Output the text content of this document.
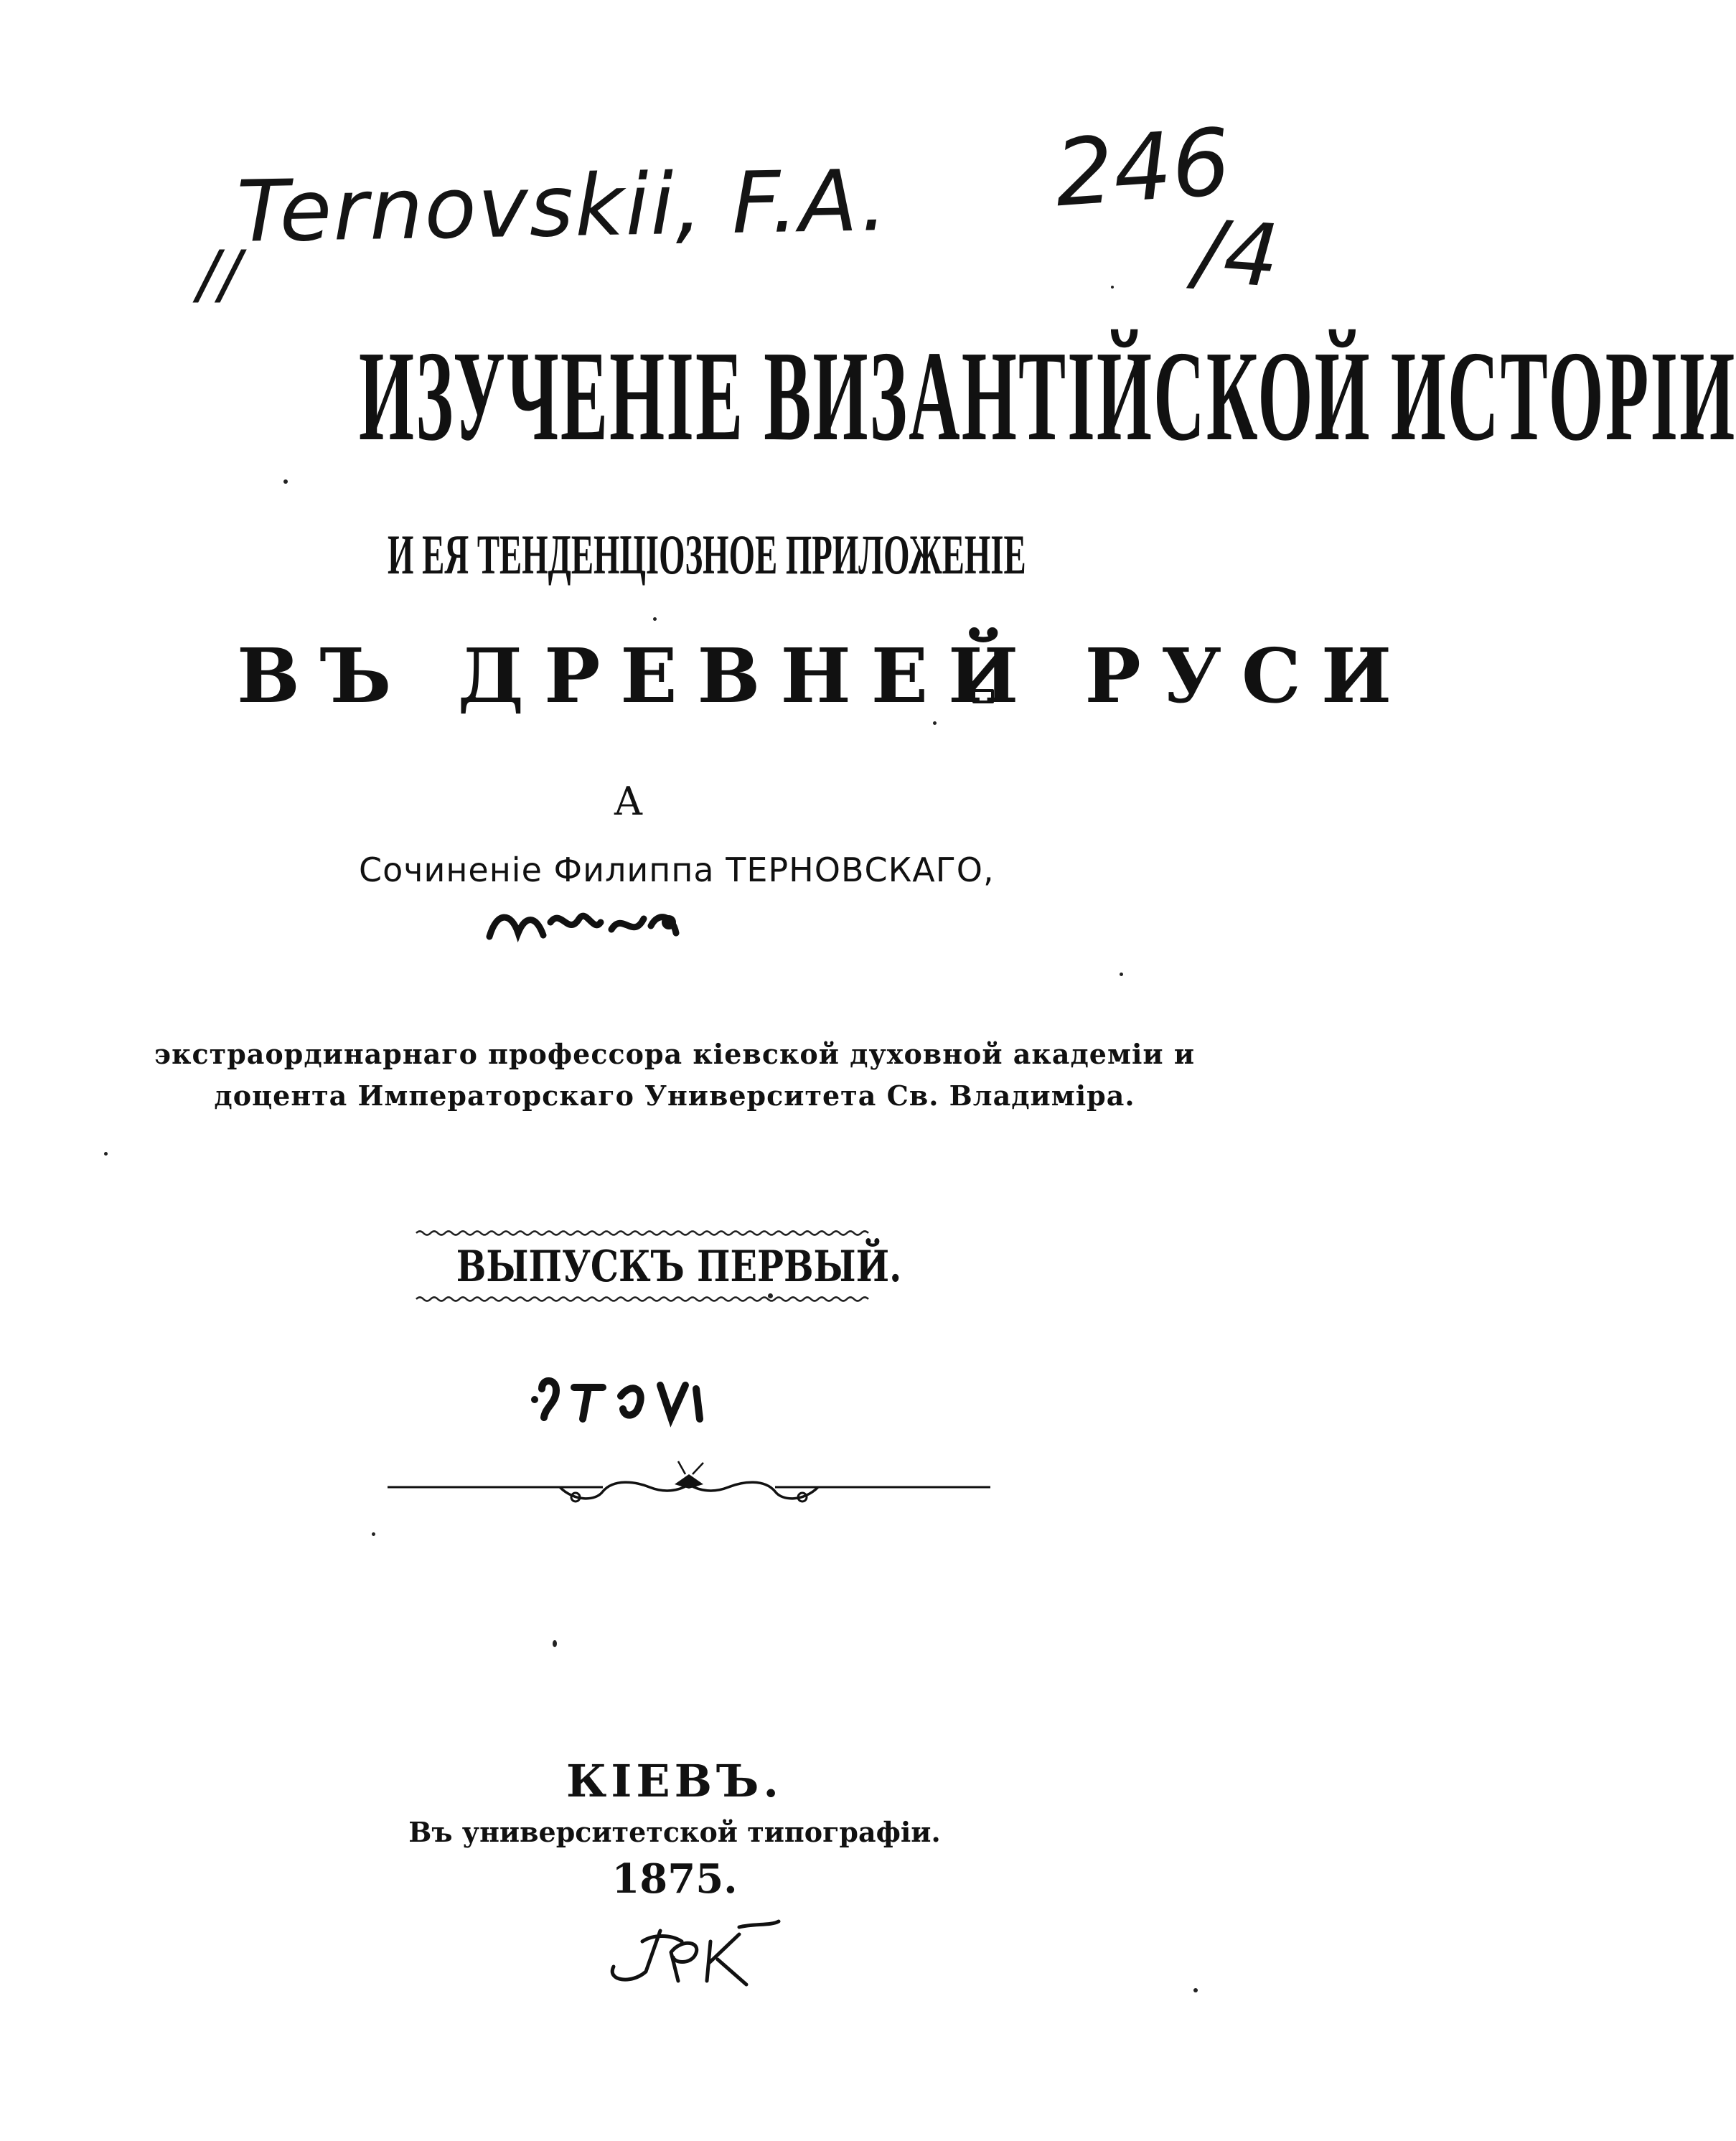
Ternovskii, F.A.
//
246
/4
ИЗУЧЕНІЕ ВИЗАНТІЙСКОЙ ИСТОРІИ
И ЕЯ ТЕНДЕНЦІОЗНОЕ ПРИЛОЖЕНІЕ
ВЪ ДРЕВНЕЙ РУСИ
А
Сочиненіе Филиппа ТЕРНОВСКАГО,
экстраординарнаго профессора кіевской духовной академіи и доцента Императорскаго Университета Св. Владиміра.
ВЫПУСКЪ ПЕРВЫЙ.
КІЕВЪ.
Въ университетской типографіи.
1875.
